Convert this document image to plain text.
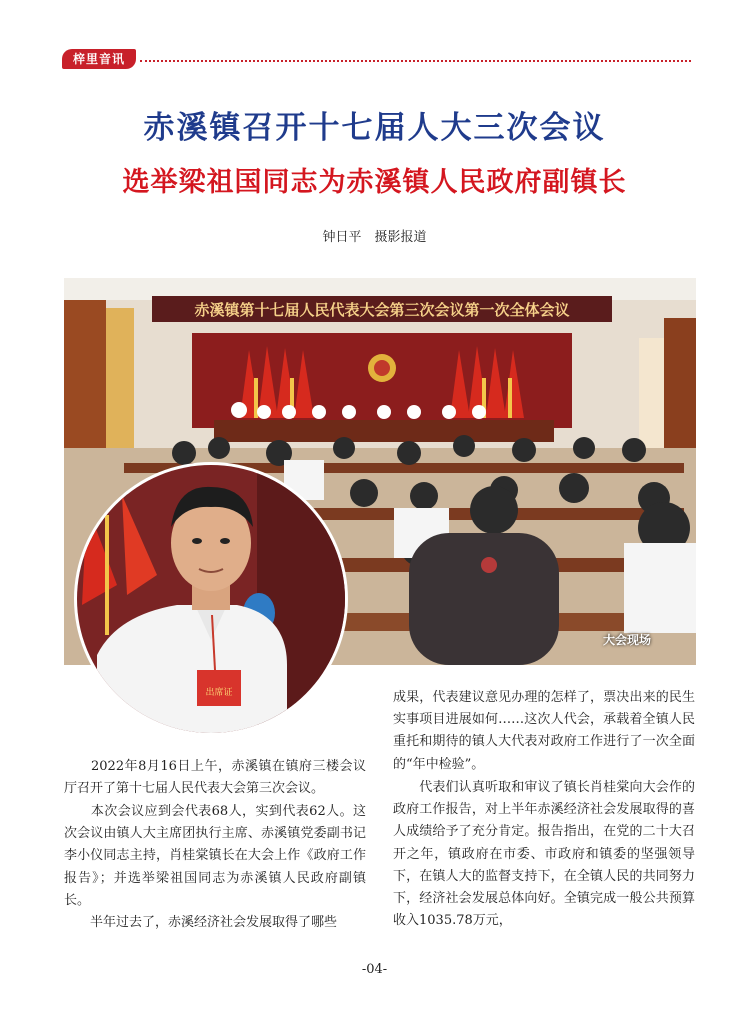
梓里音讯
赤溪镇召开十七届人大三次会议
选举梁祖国同志为赤溪镇人民政府副镇长
钟日平　摄影报道
赤溪镇第十七届人民代表大会第三次会议第一次全体会议
大会现场
出席证	成果，代表建议意见办理的怎样了，票决出来的民生实事项目进展如何……这次人代会，承载着全镇人民重托和期待的镇人大代表对政府工作进行了一次全面的“年中检验”。
　　代表们认真听取和审议了镇长肖桂棠向大会作的政府工作报告，对上半年赤溪经济社会发展取得的喜人成绩给予了充分肯定。报告指出，在党的二十大召开之年，镇政府在市委、市政府和镇委的坚强领导下，在镇人大的监督支持下，在全镇人民的共同努力下，经济社会发展总体向好。全镇完成一般公共预算收入1035.78万元，
　　2022年8月16日上午，赤溪镇在镇府三楼会议厅召开了第十七届人民代表大会第三次会议。
　　本次会议应到会代表68人，实到代表62人。这次会议由镇人大主席团执行主席、赤溪镇党委副书记李小仪同志主持，肖桂棠镇长在大会上作《政府工作报告》；并选举梁祖国同志为赤溪镇人民政府副镇长。
　　半年过去了，赤溪经济社会发展取得了哪些
-04-
